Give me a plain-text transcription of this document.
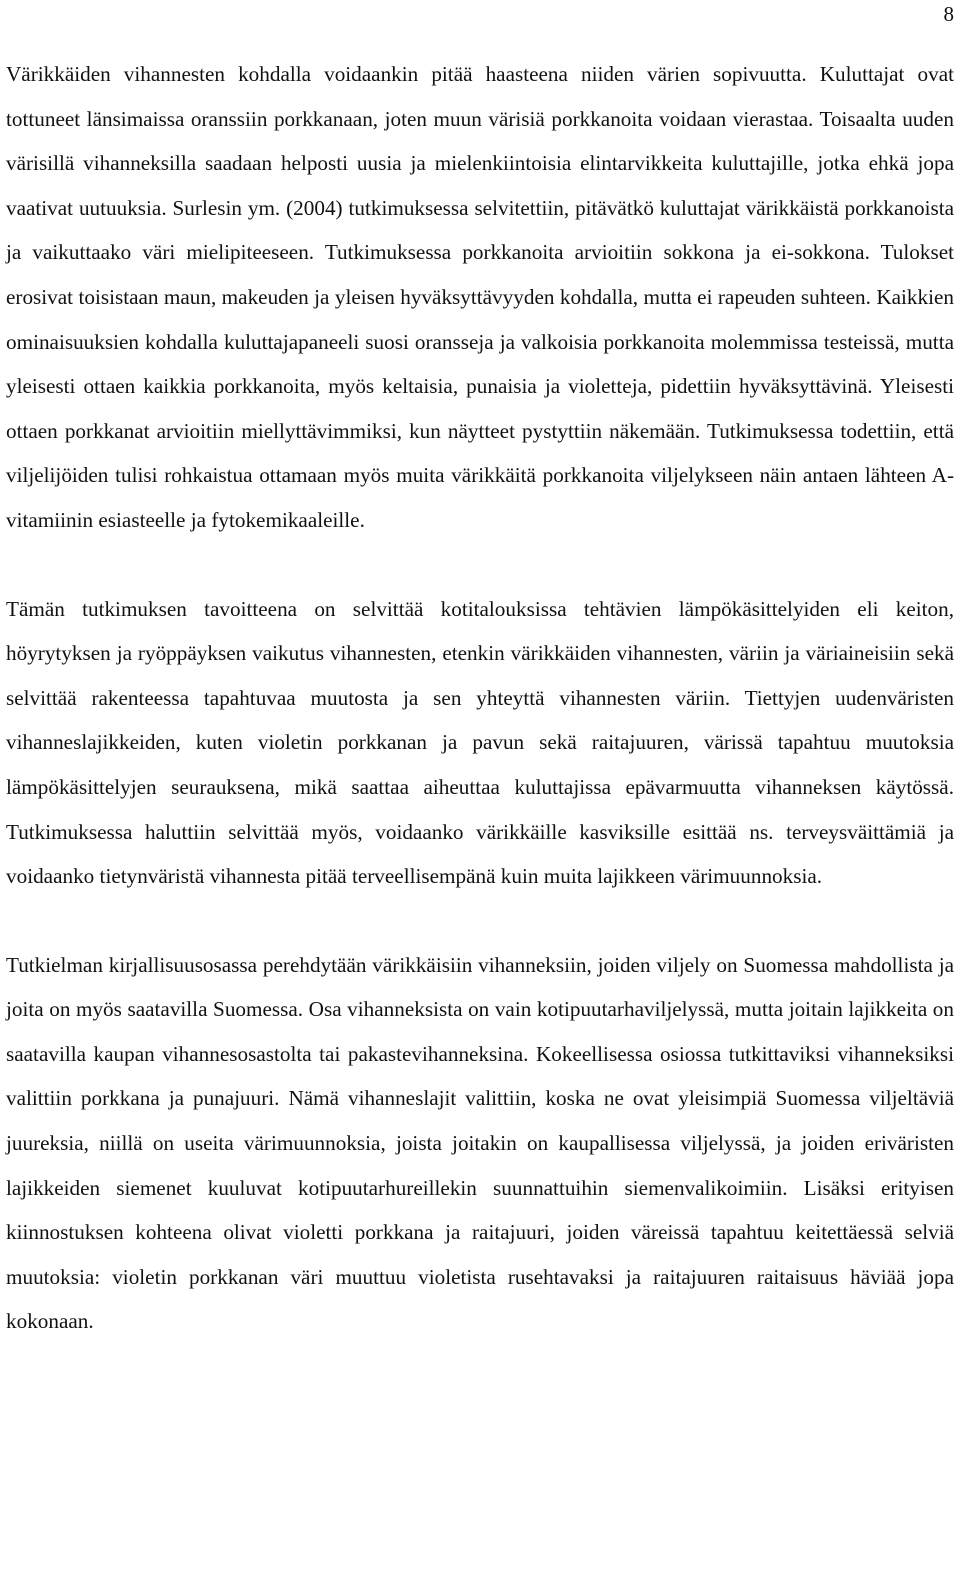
8

Värikkäiden vihannesten kohdalla voidaankin pitää haasteena niiden värien sopivuutta. Kuluttajat ovat tottuneet länsimaissa oranssiin porkkanaan, joten muun värisiä porkkanoita voidaan vierastaa. Toisaalta uuden värisillä vihanneksilla saadaan helposti uusia ja mielenkiintoisia elintarvikkeita kuluttajille, jotka ehkä jopa vaativat uutuuksia. Surlesin ym. (2004) tutkimuksessa selvitettiin, pitävätkö kuluttajat värikkäistä porkkanoista ja vaikuttaako väri mielipiteeseen. Tutkimuksessa porkkanoita arvioitiin sokkona ja ei-sokkona. Tulokset erosivat toisistaan maun, makeuden ja yleisen hyväksyttävyyden kohdalla, mutta ei rapeuden suhteen. Kaikkien ominaisuuksien kohdalla kuluttajapaneeli suosi oransseja ja valkoisia porkkanoita molemmissa testeissä, mutta yleisesti ottaen kaikkia porkkanoita, myös keltaisia, punaisia ja violetteja, pidettiin hyväksyttävinä. Yleisesti ottaen porkkanat arvioitiin miellyttävimmiksi, kun näytteet pystyttiin näkemään. Tutkimuksessa todettiin, että viljelijöiden tulisi rohkaistua ottamaan myös muita värikkäitä porkkanoita viljelykseen näin antaen lähteen A-vitamiinin esiasteelle ja fytokemikaaleille.

Tämän tutkimuksen tavoitteena on selvittää kotitalouksissa tehtävien lämpökäsittelyiden eli keiton, höyrytyksen ja ryöppäyksen vaikutus vihannesten, etenkin värikkäiden vihannesten, väriin ja väriaineisiin sekä selvittää rakenteessa tapahtuvaa muutosta ja sen yhteyttä vihannesten väriin. Tiettyjen uudenväristen vihanneslajikkeiden, kuten violetin porkkanan ja pavun sekä raitajuuren, värissä tapahtuu muutoksia lämpökäsittelyjen seurauksena, mikä saattaa aiheuttaa kuluttajissa epävarmuutta vihanneksen käytössä. Tutkimuksessa haluttiin selvittää myös, voidaanko värikkäille kasviksille esittää ns. terveysväittämiä ja voidaanko tietynväristä vihannesta pitää terveellisempänä kuin muita lajikkeen värimuunnoksia.

Tutkielman kirjallisuusosassa perehdytään värikkäisiin vihanneksiin, joiden viljely on Suomessa mahdollista ja joita on myös saatavilla Suomessa. Osa vihanneksista on vain kotipuutarhaviljelyssä, mutta joitain lajikkeita on saatavilla kaupan vihannesosastolta tai pakastevihanneksina. Kokeellisessa osiossa tutkittaviksi vihanneksiksi valittiin porkkana ja punajuuri. Nämä vihanneslajit valittiin, koska ne ovat yleisimpiä Suomessa viljeltäviä juureksia, niillä on useita värimuunnoksia, joista joitakin on kaupallisessa viljelyssä, ja joiden eriväristen lajikkeiden siemenet kuuluvat kotipuutarhureillekin suunnattuihin siemenvalikoimiin. Lisäksi erityisen kiinnostuksen kohteena olivat violetti porkkana ja raitajuuri, joiden väreissä tapahtuu keitettäessä selviä muutoksia: violetin porkkanan väri muuttuu violetista rusehtavaksi ja raitajuuren raitaisuus häviää jopa kokonaan.
